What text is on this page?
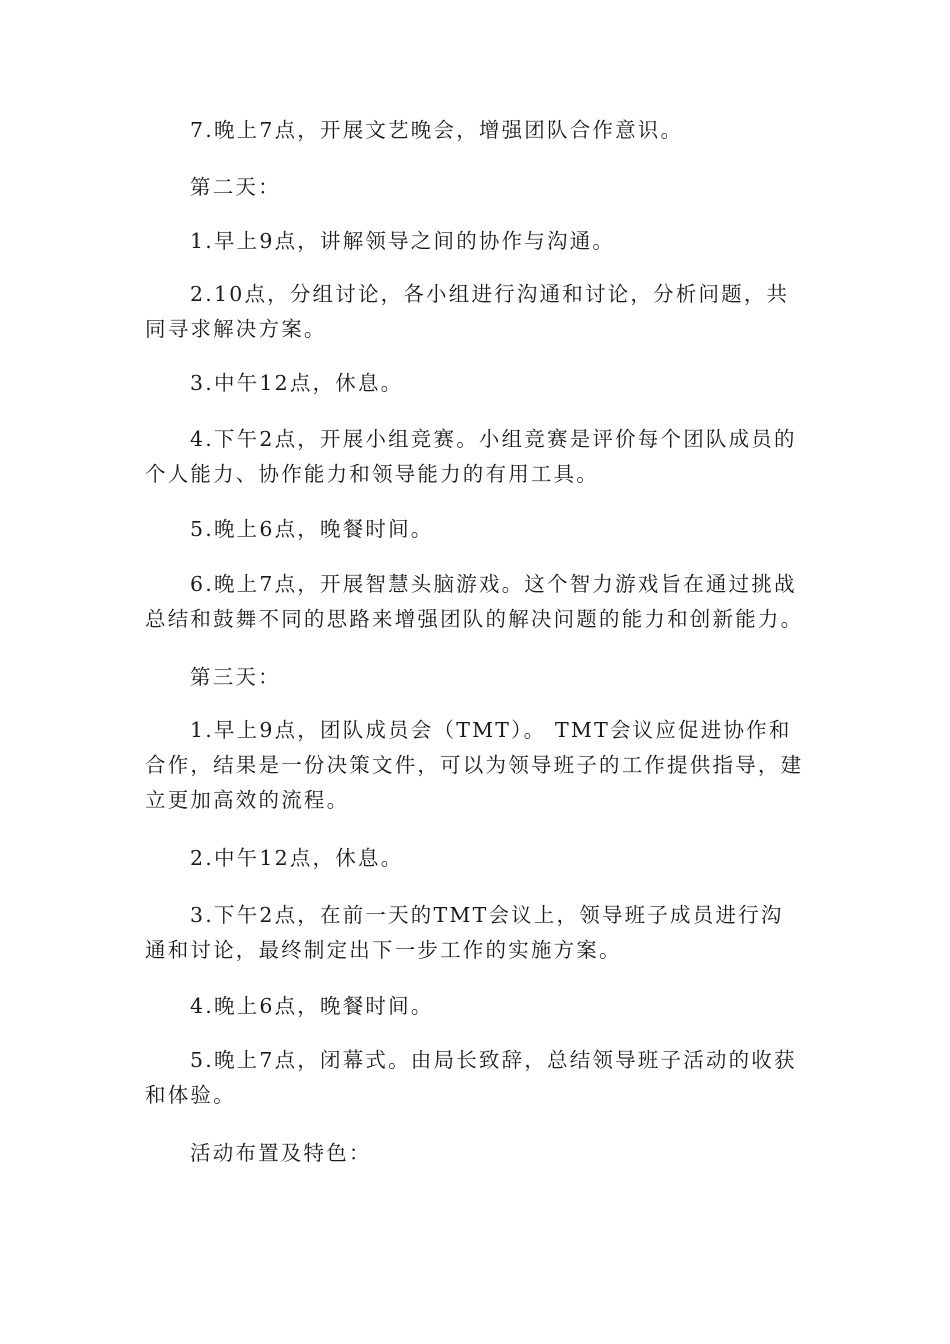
7.晚上7点，开展文艺晚会，增强团队合作意识。

第二天：

1.早上9点，讲解领导之间的协作与沟通。

2.10点，分组讨论，各小组进行沟通和讨论，分析问题，共同寻求解决方案。

3.中午12点，休息。

4.下午2点，开展小组竞赛。小组竞赛是评价每个团队成员的个人能力、协作能力和领导能力的有用工具。

5.晚上6点，晚餐时间。

6.晚上7点，开展智慧头脑游戏。这个智力游戏旨在通过挑战总结和鼓舞不同的思路来增强团队的解决问题的能力和创新能力。

第三天：

1.早上9点，团队成员会（TMT）。 TMT会议应促进协作和合作，结果是一份决策文件，可以为领导班子的工作提供指导，建立更加高效的流程。

2.中午12点，休息。

3.下午2点，在前一天的TMT会议上，领导班子成员进行沟通和讨论，最终制定出下一步工作的实施方案。

4.晚上6点，晚餐时间。

5.晚上7点，闭幕式。由局长致辞，总结领导班子活动的收获和体验。

活动布置及特色：
